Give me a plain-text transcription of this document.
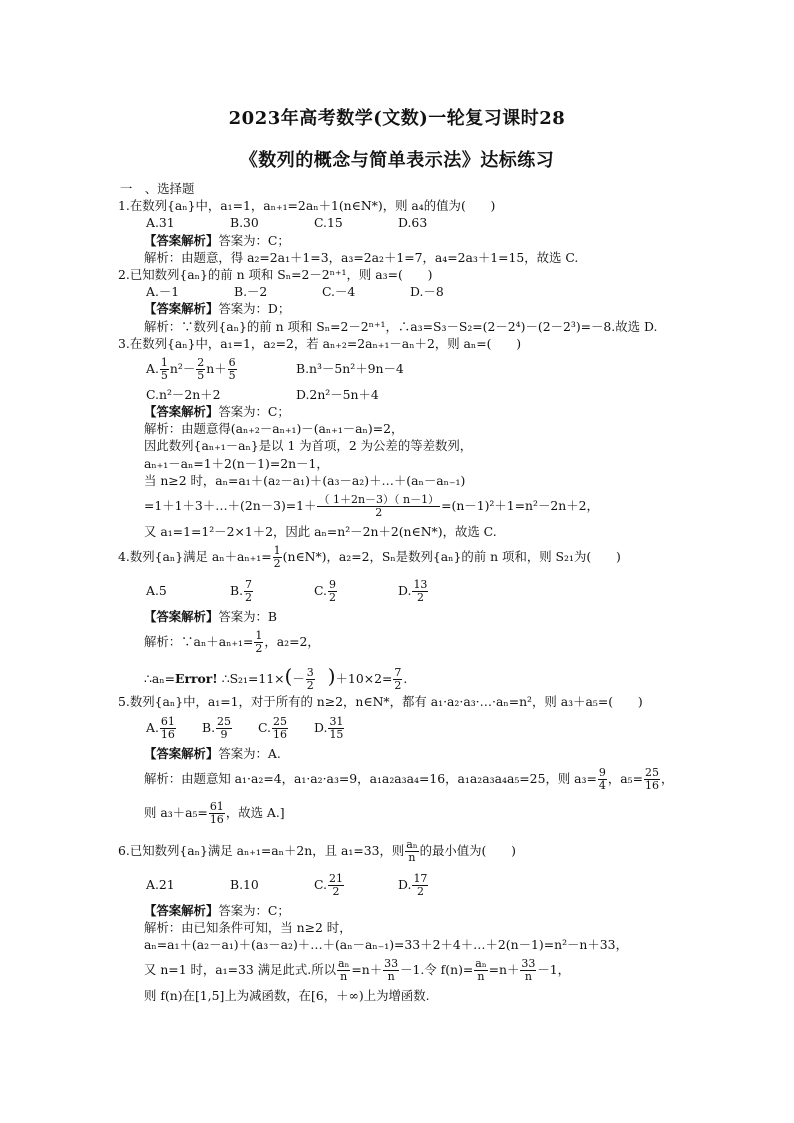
2023年高考数学(文数)一轮复习课时28
《数列的概念与简单表示法》达标练习
一　、选择题
1.在数列{aₙ}中，a₁=1，aₙ₊₁=2aₙ＋1(n∈N*)，则 a₄的值为(　　)
A.31	B.30	C.15	D.63
【答案解析】答案为：C；
解析：由题意，得 a₂=2a₁＋1=3，a₃=2a₂＋1=7，a₄=2a₃＋1=15，故选 C.
2.已知数列{aₙ}的前 n 项和 Sₙ=2－2ⁿ⁺¹，则 a₃=(　　)
A.－1	B.－2	C.－4	D.－8
【答案解析】答案为：D；
解析：∵数列{aₙ}的前 n 项和 Sₙ=2－2ⁿ⁺¹，∴a₃=S₃－S₂=(2－2⁴)－(2－2³)=－8.故选 D.
3.在数列{aₙ}中，a₁=1，a₂=2，若 aₙ₊₂=2aₙ₊₁－aₙ＋2，则 aₙ=(　　)
A. $\frac{1}{5} n^2- \frac{2}{5} n+ \frac{6}{5}$	B.n³－5n²＋9n－4
C.n²－2n＋2	D.2n²－5n＋4
【答案解析】答案为：C；
解析：由题意得(aₙ₊₂－aₙ₊₁)－(aₙ₊₁－aₙ)=2，
因此数列{aₙ₊₁－aₙ}是以 1 为首项，2 为公差的等差数列，
aₙ₊₁－aₙ=1＋2(n－1)=2n－1，
当 n≥2 时，aₙ=a₁＋(a₂－a₁)＋(a₃－a₂)＋…＋(aₙ－aₙ₋₁)
=1＋1＋3＋…＋(2n－3)=1＋ $\frac{( 1+2n-3)( n-1)}{2} =(n-1)^2+1=n^2-2n+2$，
又 a₁=1=1²－2×1＋2，因此 aₙ=n²－2n＋2(n∈N*)，故选 C.
4.数列{aₙ}满足 $a_n+a_{n+1}= \frac{1}{2}$ (n∈N*)，a₂=2，Sₙ是数列{aₙ}的前 n 项和，则 S₂₁为(　　)
A.5	B. $\frac{7}{2}$	C. $\frac{9}{2}$	D. $\frac{13}{2}$
【答案解析】答案为：B
解析：∵aₙ＋aₙ₊₁= $\frac{1}{2}$ ，a₂=2，
∴aₙ=Error! ∴S₂₁=11×(－ $\frac{3}{2} )+10\times 2= \frac{7}{2}$ .
5.数列{aₙ}中，a₁=1，对于所有的 n≥2，n∈N*，都有 a₁·a₂·a₃·…·aₙ=n²，则 a₃＋a₅=(　　)
A. $\frac{61}{16} B$. $\frac{25}{9} C$. $\frac{25}{16} D$. $\frac{31}{15}$
【答案解析】答案为：A.
解析：由题意知 a₁·a₂=4，a₁·a₂·a₃=9，a₁a₂a₃a₄=16，a₁a₂a₃a₄a₅=25，则 $a_3= \frac{9}{4}$ ，$a_5= \frac{25}{16}$ ，
则 $a_3+a_5= \frac{61}{16}$ ，故选 A.]
6.已知数列{aₙ}满足 aₙ₊₁=aₙ＋2n，且 a₁=33，则 $\frac{\text{aₙ}}{n}$ 的最小值为(　　)
A.21	B.10	C. $\frac{21}{2}$	D. $\frac{17}{2}$
【答案解析】答案为：C；
解析：由已知条件可知，当 n≥2 时，
aₙ=a₁＋(a₂－a₁)＋(a₃－a₂)＋…＋(aₙ－aₙ₋₁)=33＋2＋4＋…＋2(n－1)=n²－n＋33，
又 n=1 时，a₁=33 满足此式.所以 $\frac{\text{aₙ}}{n} =n+ \frac{33}{n} -1$.令 $f(n)= \frac{\text{aₙ}}{n} =n+ \frac{33}{n} -1$，
则 f(n)在[1,5]上为减函数，在[6，＋∞)上为增函数.
